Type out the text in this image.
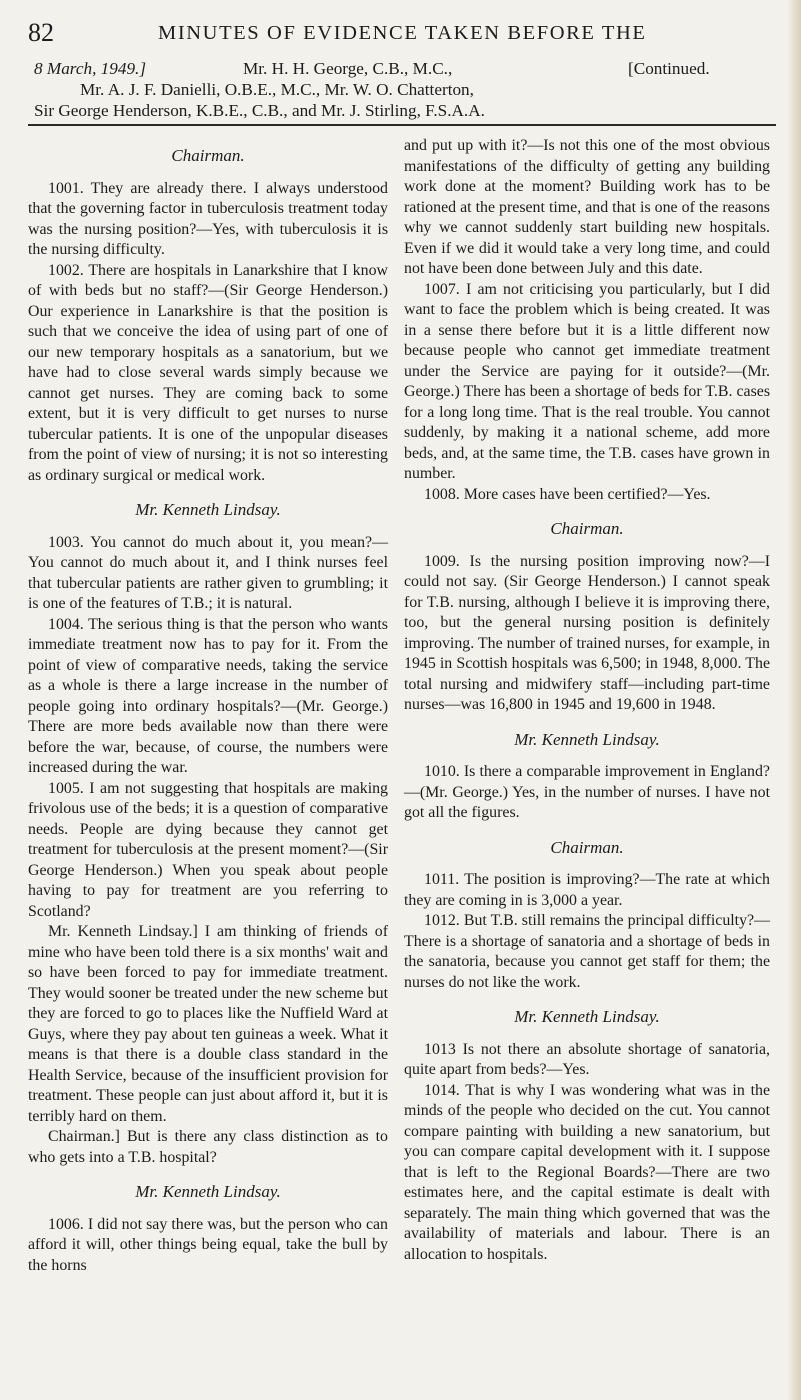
82	MINUTES OF EVIDENCE TAKEN BEFORE THE
8 March, 1949.]	Mr. H. H. George, C.B., M.C.,	[Continued.
Mr. A. J. F. Danielli, O.B.E., M.C., Mr. W. O. Chatterton,
Sir George Henderson, K.B.E., C.B., and Mr. J. Stirling, F.S.A.A.

Chairman.

1001. They are already there. I always understood that the governing factor in tuberculosis treatment today was the nursing position?—Yes, with tuberculosis it is the nursing difficulty.

1002. There are hospitals in Lanarkshire that I know of with beds but no staff?—(Sir George Henderson.) Our experience in Lanarkshire is that the position is such that we conceive the idea of using part of one of our new temporary hospitals as a sanatorium, but we have had to close several wards simply because we cannot get nurses. They are coming back to some extent, but it is very difficult to get nurses to nurse tubercular patients. It is one of the unpopular diseases from the point of view of nursing; it is not so interesting as ordinary surgical or medical work.

Mr. Kenneth Lindsay.

1003. You cannot do much about it, you mean?—You cannot do much about it, and I think nurses feel that tubercular patients are rather given to grumbling; it is one of the features of T.B.; it is natural.

1004. The serious thing is that the person who wants immediate treatment now has to pay for it. From the point of view of comparative needs, taking the service as a whole is there a large increase in the number of people going into ordinary hospitals?—(Mr. George.) There are more beds available now than there were before the war, because, of course, the numbers were increased during the war.

1005. I am not suggesting that hospitals are making frivolous use of the beds; it is a question of comparative needs. People are dying because they cannot get treatment for tuberculosis at the present moment?—(Sir George Henderson.) When you speak about people having to pay for treatment are you referring to Scotland?

Mr. Kenneth Lindsay.] I am thinking of friends of mine who have been told there is a six months' wait and so have been forced to pay for immediate treatment. They would sooner be treated under the new scheme but they are forced to go to places like the Nuffield Ward at Guys, where they pay about ten guineas a week. What it means is that there is a double class standard in the Health Service, because of the insufficient provision for treatment. These people can just about afford it, but it is terribly hard on them.

Chairman.] But is there any class distinction as to who gets into a T.B. hospital?

Mr. Kenneth Lindsay.

1006. I did not say there was, but the person who can afford it will, other things being equal, take the bull by the horns

and put up with it?—Is not this one of the most obvious manifestations of the difficulty of getting any building work done at the moment? Building work has to be rationed at the present time, and that is one of the reasons why we cannot suddenly start building new hospitals. Even if we did it would take a very long time, and could not have been done between July and this date.

1007. I am not criticising you particularly, but I did want to face the problem which is being created. It was in a sense there before but it is a little different now because people who cannot get immediate treatment under the Service are paying for it outside?—(Mr. George.) There has been a shortage of beds for T.B. cases for a long long time. That is the real trouble. You cannot suddenly, by making it a national scheme, add more beds, and, at the same time, the T.B. cases have grown in number.

1008. More cases have been certified?—Yes.

Chairman.

1009. Is the nursing position improving now?—I could not say. (Sir George Henderson.) I cannot speak for T.B. nursing, although I believe it is improving there, too, but the general nursing position is definitely improving. The number of trained nurses, for example, in 1945 in Scottish hospitals was 6,500; in 1948, 8,000. The total nursing and midwifery staff—including part-time nurses—was 16,800 in 1945 and 19,600 in 1948.

Mr. Kenneth Lindsay.

1010. Is there a comparable improvement in England?—(Mr. George.) Yes, in the number of nurses. I have not got all the figures.

Chairman.

1011. The position is improving?—The rate at which they are coming in is 3,000 a year.

1012. But T.B. still remains the principal difficulty?—There is a shortage of sanatoria and a shortage of beds in the sanatoria, because you cannot get staff for them; the nurses do not like the work.

Mr. Kenneth Lindsay.

1013 Is not there an absolute shortage of sanatoria, quite apart from beds?—Yes.

1014. That is why I was wondering what was in the minds of the people who decided on the cut. You cannot compare painting with building a new sanatorium, but you can compare capital development with it. I suppose that is left to the Regional Boards?—There are two estimates here, and the capital estimate is dealt with separately. The main thing which governed that was the availability of materials and labour. There is an allocation to hospitals.
